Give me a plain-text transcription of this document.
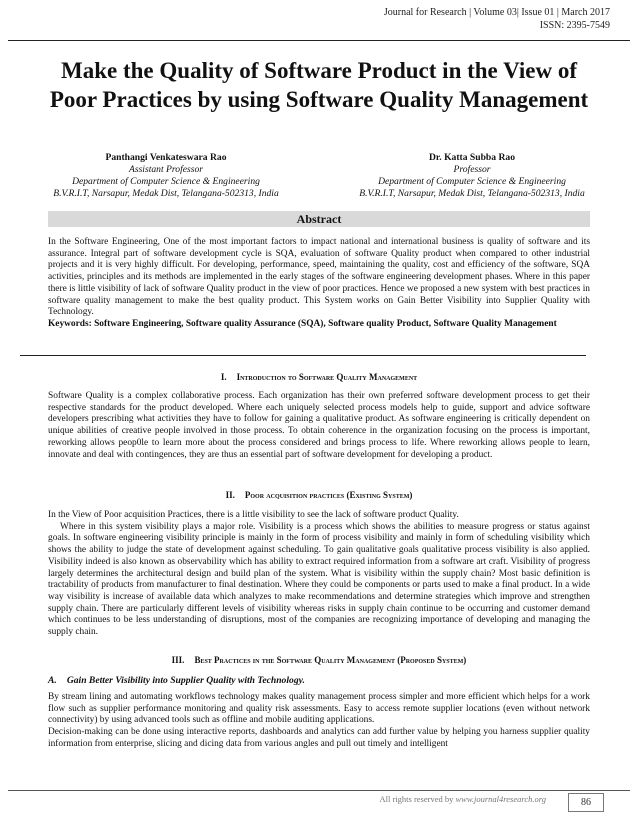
Journal for Research | Volume 03| Issue 01 | March 2017
ISSN: 2395-7549
Make the Quality of Software Product in the View of Poor Practices by using Software Quality Management
Panthangi Venkateswara Rao
Assistant Professor
Department of Computer Science & Engineering
B.V.R.I.T, Narsapur, Medak Dist, Telangana-502313, India
Dr. Katta Subba Rao
Professor
Department of Computer Science & Engineering
B.V.R.I.T, Narsapur, Medak Dist, Telangana-502313, India
Abstract
In the Software Engineering, One of the most important factors to impact national and international business is quality of software and its assurance. Integral part of software development cycle is SQA, evaluation of software Quality product when compared to other industrial projects and it is very highly difficult. For developing, performance, speed, maintaining the quality, cost and efficiency of the software, SQA activities, principles and its methods are implemented in the early stages of the software engineering development phases. Where in this paper there is little visibility of lack of software Quality product in the view of poor practices. Hence we proposed a new system with best practices in software quality management to make the best quality product. This System works on Gain Better Visibility into Supplier Quality with Technology.
Keywords: Software Engineering, Software quality Assurance (SQA), Software quality Product, Software Quality Management
I. Introduction to Software Quality Management

Software Quality is a complex collaborative process. Each organization has their own preferred software development process to get their respective standards for the product developed. Where each uniquely selected process models help to guide, support and advice software developers prescribing what activities they have to follow for gaining a qualitative product. As software engineering is critically dependent on unique abilities of creative people involved in those process. To obtain coherence in the organization focusing on the process is important, reworking allows peop0le to learn more about the process considered and brings process to life. Where reworking allows people to learn, innovate and deal with contingences, they are thus an essential part of software development for developing a product.

II. Poor acquisition practices (Existing System)

In the View of Poor acquisition Practices, there is a little visibility to see the lack of software product Quality.

Where in this system visibility plays a major role. Visibility is a process which shows the abilities to measure progress or status against goals. In software engineering visibility principle is mainly in the form of process visibility and mainly in form of scheduling visibility which shows the ability to judge the state of development against scheduling. To gain qualitative goals qualitative process visibility is also applied. Visibility indeed is also known as observability which has ability to extract required information from a software art craft. Visibility of progress largely determines the architectural design and build plan of the system. What is visibility within the supply chain? Most basic definition is tractability of products from manufacturer to final destination. Where they could be components or parts used to make a final product. In a wide way visibility is increase of available data which analyzes to make recommendations and determine strategies which improve and strengthen supply chain. There are particularly different levels of visibility whereas risks in supply chain continue to be occurring and customer demand which continues to be less understanding of disruptions, most of the companies are recognizing importance of developing and managing the supply chain.

III. Best Practices in the Software Quality Management (Proposed System)
A. Gain Better Visibility into Supplier Quality with Technology.

By stream lining and automating workflows technology makes quality management process simpler and more efficient which helps for a work flow such as supplier performance monitoring and quality risk assessments. Easy to access remote supplier locations (even without network connectivity) by using advanced tools such as offline and mobile auditing applications.

Decision-making can be done using interactive reports, dashboards and analytics can add further value by helping you harness supplier quality information from enterprise, slicing and dicing data from various angles and pull out timely and intelligent

All rights reserved by www.journal4research.org	86
